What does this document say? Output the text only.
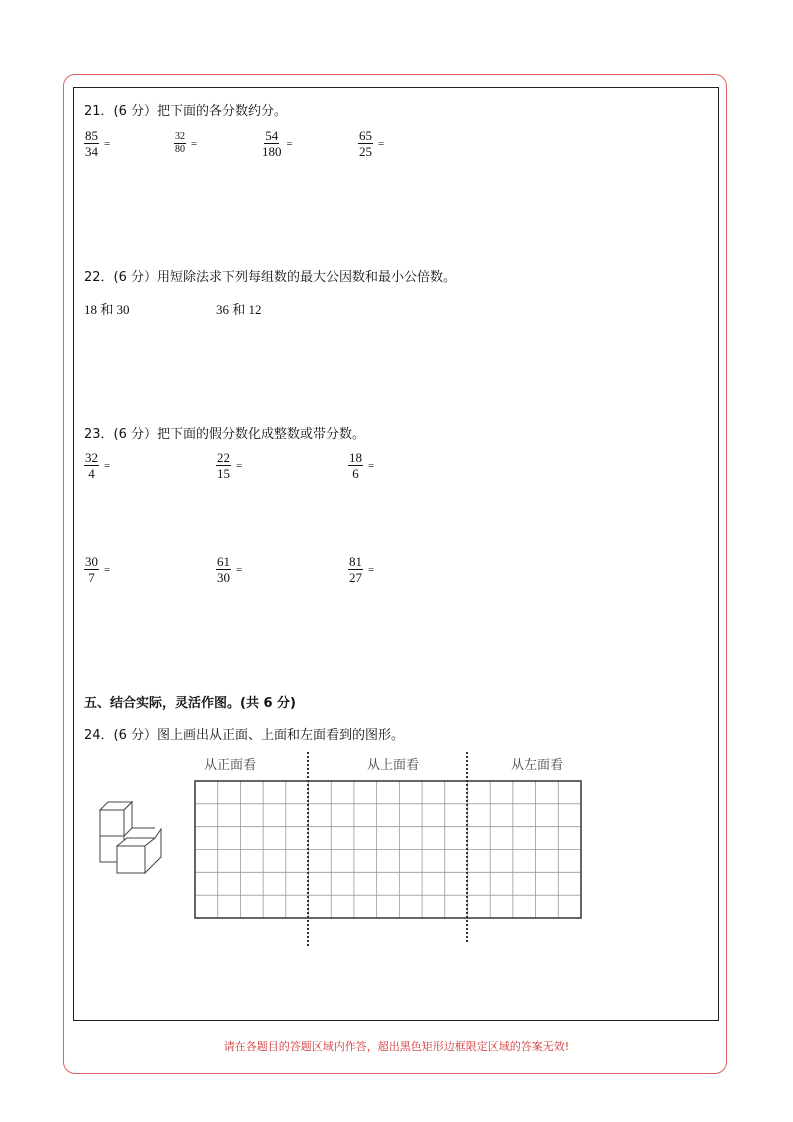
21．(6 分）把下面的各分数约分。
$\frac{85}{34}$ =	$\frac{32}{80}$ =	$\frac{54}{180}$ =	$\frac{65}{25}$ =
22．(6 分）用短除法求下列每组数的最大公因数和最小公倍数。
18 和 30	36 和 12
23．(6 分）把下面的假分数化成整数或带分数。
$\frac{32}{4}$ =	$\frac{22}{15}$ =	$\frac{18}{6}$ =
$\frac{30}{7}$ =	$\frac{61}{30}$ =	$\frac{81}{27}$ =
五、结合实际，灵活作图。(共 6 分)
24．(6 分）图上画出从正面、上面和左面看到的图形。
从正面看	从上面看	从左面看
请在各题目的答题区域内作答，超出黑色矩形边框限定区域的答案无效!
